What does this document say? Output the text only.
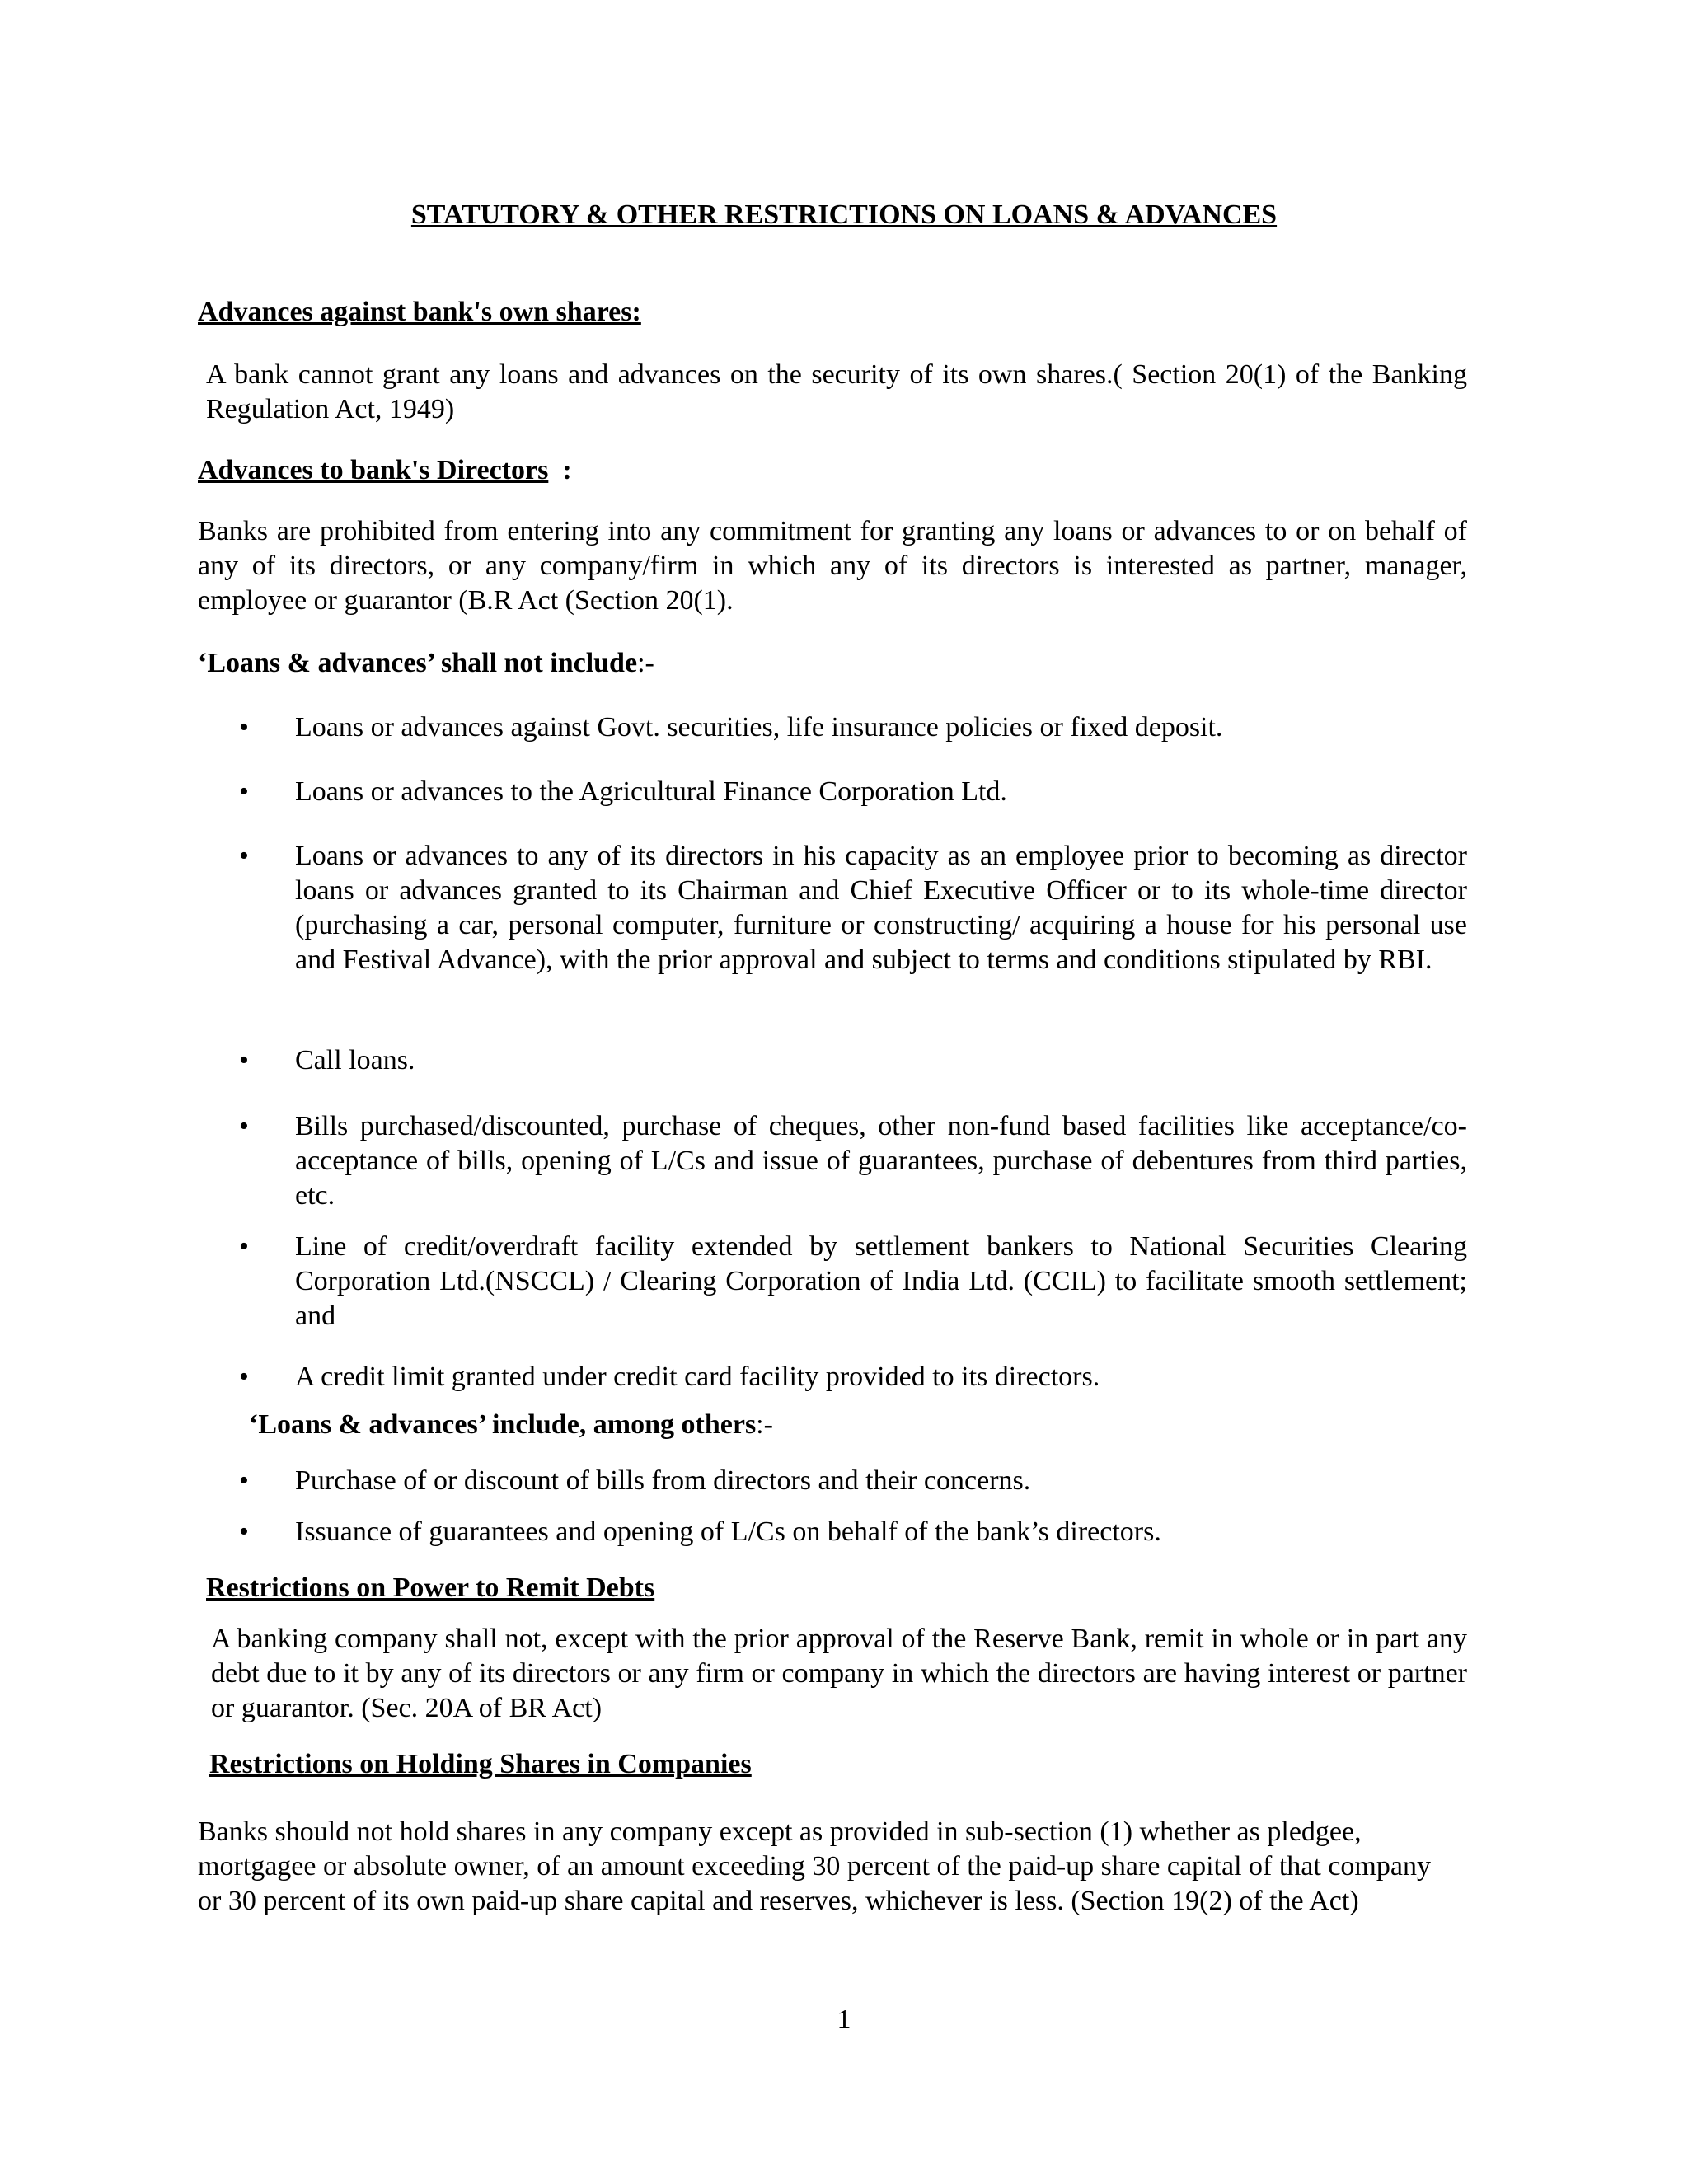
STATUTORY & OTHER RESTRICTIONS ON LOANS & ADVANCES

Advances against bank's own shares:

A bank cannot grant any loans and advances on the security of its own shares.( Section 20(1) of the Banking Regulation Act, 1949)

Advances to bank's Directors  :

Banks are prohibited from entering into any commitment for granting any loans or advances to or on behalf of any of its directors, or any company/firm in which any of its directors is interested as partner, manager, employee or guarantor (B.R Act (Section 20(1).

‘Loans & advances’ shall not include:-

• Loans or advances against Govt. securities, life insurance policies or fixed deposit.
• Loans or advances to the Agricultural Finance Corporation Ltd.
• Loans or advances to any of its directors in his capacity as an employee prior to becoming as director loans or advances granted to its Chairman and Chief Executive Officer or to its whole-time director (purchasing a car, personal computer, furniture or constructing/ acquiring a house for his personal use and Festival Advance), with the prior approval and subject to terms and conditions stipulated by RBI.
• Call loans.
• Bills purchased/discounted, purchase of cheques, other non-fund based facilities like acceptance/co-acceptance of bills, opening of L/Cs and issue of guarantees, purchase of debentures from third parties, etc.
• Line of credit/overdraft facility extended by settlement bankers to National Securities Clearing Corporation Ltd.(NSCCL) / Clearing Corporation of India Ltd. (CCIL) to facilitate smooth settlement; and
• A credit limit granted under credit card facility provided to its directors.

‘Loans & advances’ include, among others:-

• Purchase of or discount of bills from directors and their concerns.
• Issuance of guarantees and opening of L/Cs on behalf of the bank’s directors.

Restrictions on Power to Remit Debts

A banking company shall not, except with the prior approval of the Reserve Bank, remit in whole or in part any debt due to it by any of its directors or any firm or company in which the directors are having interest or partner or guarantor. (Sec. 20A of BR Act)

Restrictions on Holding Shares in Companies

Banks should not hold shares in any company except as provided in sub-section (1) whether as pledgee, mortgagee or absolute owner, of an amount exceeding 30 percent of the paid-up share capital of that company or 30 percent of its own paid-up share capital and reserves, whichever is less. (Section 19(2) of the Act)

1
